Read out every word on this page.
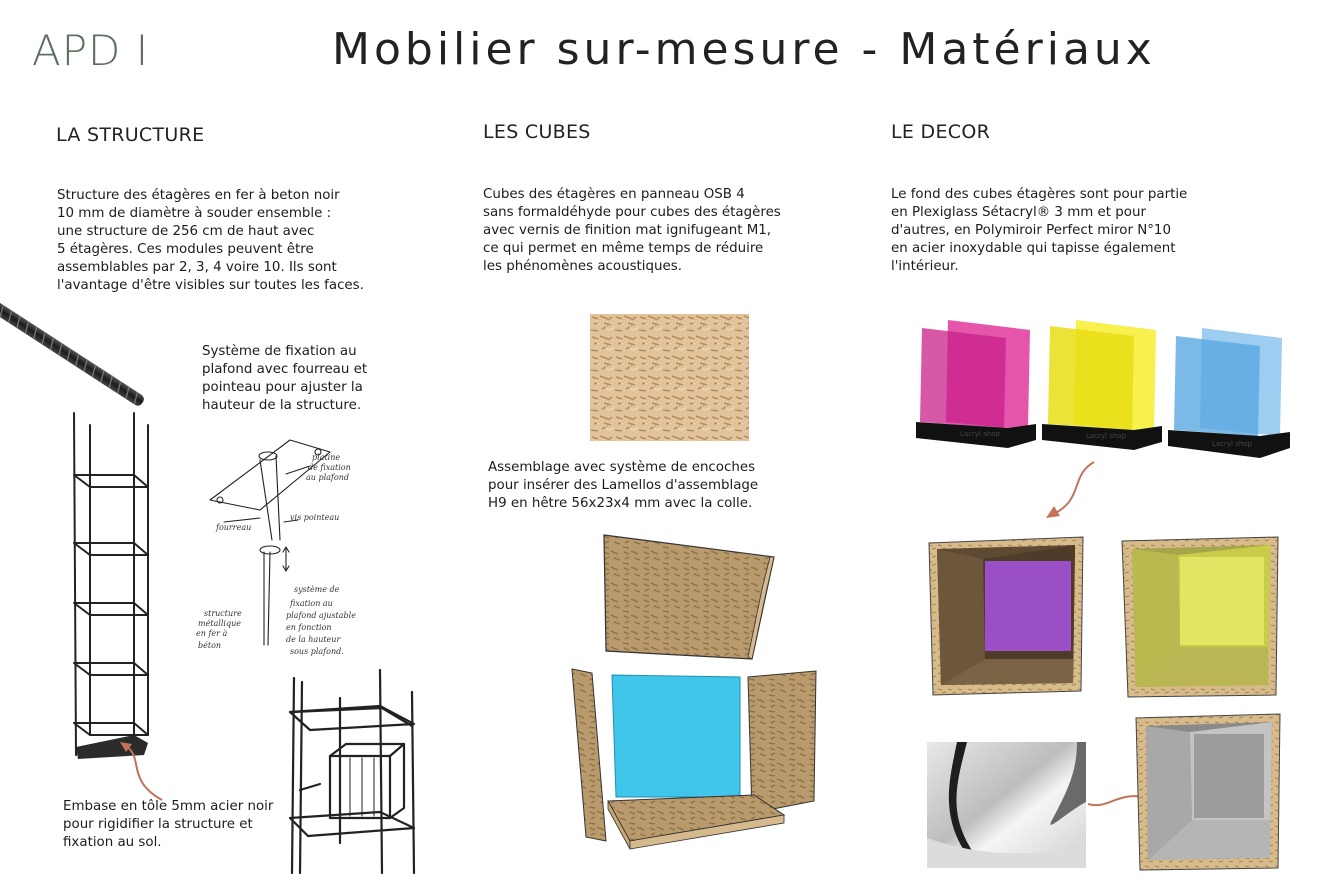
APD I	Mobilier sur-mesure - Matériaux
LA STRUCTURE
Structure des étagères en fer à beton noir
10 mm de diamètre à souder ensemble :
une structure de 256 cm de haut avec
5 étagères. Ces modules peuvent être
assemblables par 2, 3, 4 voire 10. Ils sont
l'avantage d'être visibles sur toutes les faces.
Système de fixation au
plafond avec fourreau et
pointeau pour ajuster la
hauteur de la structure.
Embase en tôle 5mm acier noir
pour rigidifier la structure et
fixation au sol.
platine
de fixation
au plafond
fourreau
vis pointeau
système de
fixation au
plafond ajustable
en fonction
de la hauteur
sous plafond.
structure
métallique
en fer à
béton
LES CUBES
Cubes des étagères en panneau OSB 4
sans formaldéhyde pour cubes des étagères
avec vernis de finition mat ignifugeant M1,
ce qui permet en même temps de réduire
les phénomènes acoustiques.
Assemblage avec système de encoches
pour insérer des Lamellos d'assemblage
H9 en hêtre 56x23x4 mm avec la colle.
LE DECOR
Le fond des cubes étagères sont pour partie
en Plexiglass Sétacryl® 3 mm et pour
d'autres, en Polymiroir Perfect miror N°10
en acier inoxydable qui tapisse également
l'intérieur.
Lacryl shop	Lacryl shop
Lacryl shop
